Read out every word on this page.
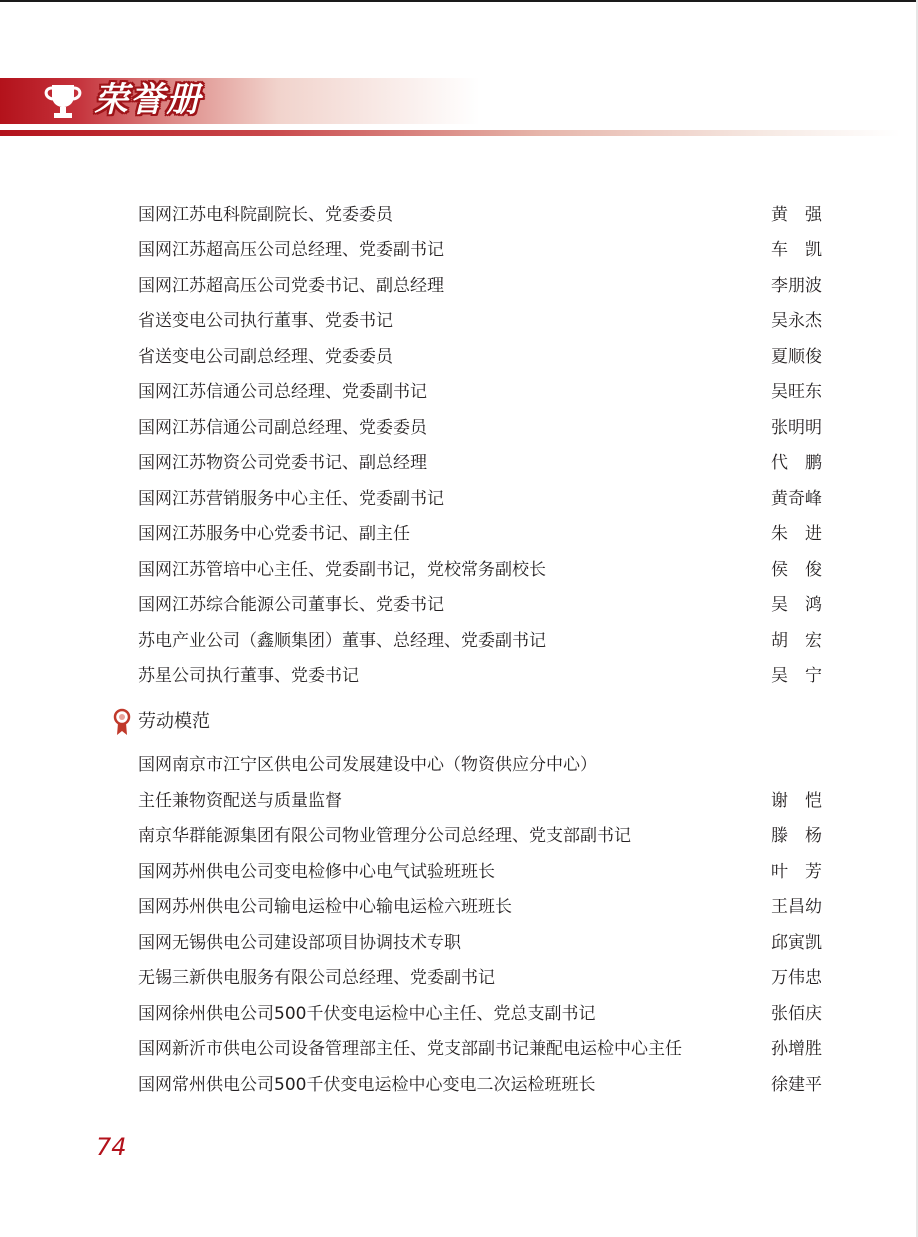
荣誉册
国网江苏电科院副院长、党委委员	黄　强
国网江苏超高压公司总经理、党委副书记	车　凯
国网江苏超高压公司党委书记、副总经理	李朋波
省送变电公司执行董事、党委书记	吴永杰
省送变电公司副总经理、党委委员	夏顺俊
国网江苏信通公司总经理、党委副书记	吴旺东
国网江苏信通公司副总经理、党委委员	张明明
国网江苏物资公司党委书记、副总经理	代　鹏
国网江苏营销服务中心主任、党委副书记	黄奇峰
国网江苏服务中心党委书记、副主任	朱　进
国网江苏管培中心主任、党委副书记，党校常务副校长	侯　俊
国网江苏综合能源公司董事长、党委书记	吴　鸿
苏电产业公司（鑫顺集团）董事、总经理、党委副书记	胡　宏
苏星公司执行董事、党委书记	吴　宁
劳动模范
国网南京市江宁区供电公司发展建设中心（物资供应分中心）
主任兼物资配送与质量监督	谢　恺
南京华群能源集团有限公司物业管理分公司总经理、党支部副书记	滕　杨
国网苏州供电公司变电检修中心电气试验班班长	叶　芳
国网苏州供电公司输电运检中心输电运检六班班长	王昌幼
国网无锡供电公司建设部项目协调技术专职	邱寅凯
无锡三新供电服务有限公司总经理、党委副书记	万伟忠
国网徐州供电公司500千伏变电运检中心主任、党总支副书记	张佰庆
国网新沂市供电公司设备管理部主任、党支部副书记兼配电运检中心主任	孙增胜
国网常州供电公司500千伏变电运检中心变电二次运检班班长	徐建平
74
